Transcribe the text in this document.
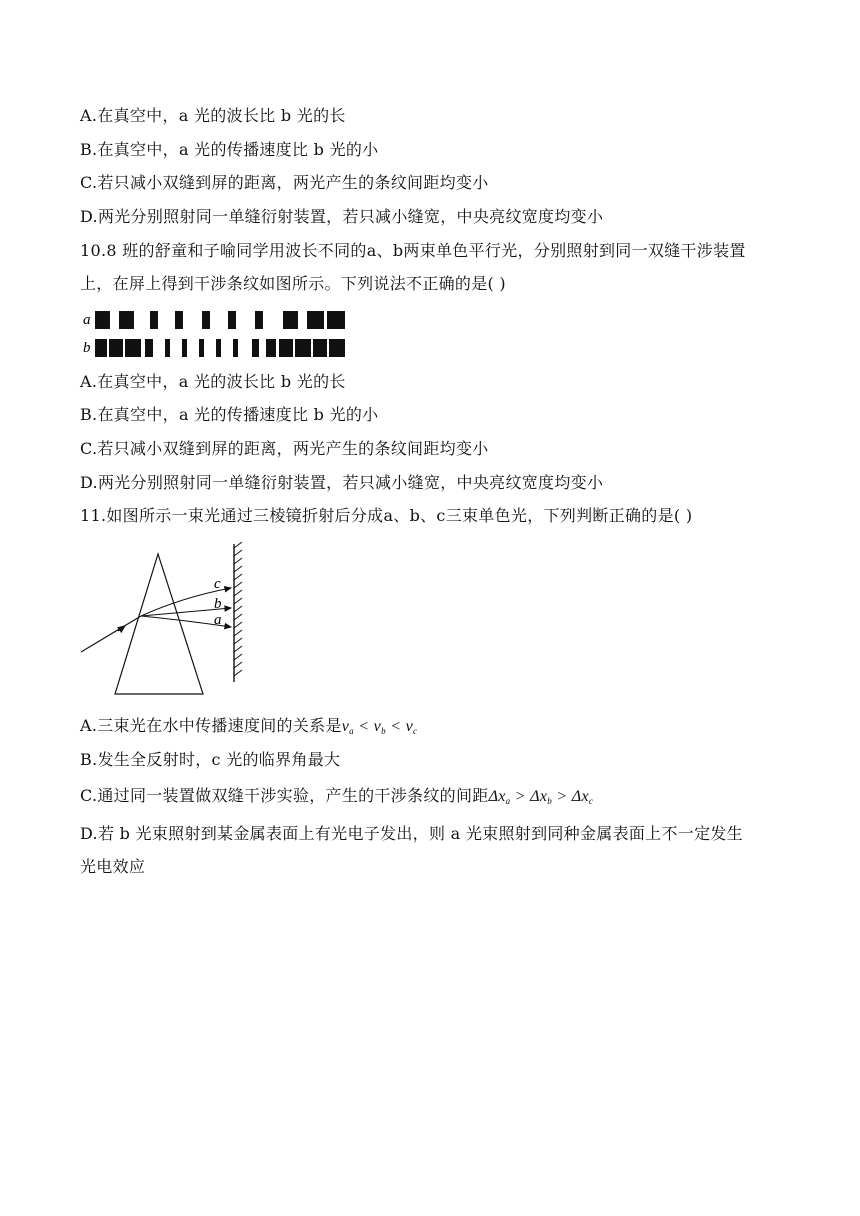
A.在真空中，a 光的波长比 b 光的长
B.在真空中，a 光的传播速度比 b 光的小
C.若只减小双缝到屏的距离，两光产生的条纹间距均变小
D.两光分别照射同一单缝衍射装置，若只减小缝宽，中央亮纹宽度均变小
10.8 班的舒童和子喻同学用波长不同的a、b两束单色平行光，分别照射到同一双缝干涉装置
上，在屏上得到干涉条纹如图所示。下列说法不正确的是( )
a
b
A.在真空中，a 光的波长比 b 光的长
B.在真空中，a 光的传播速度比 b 光的小
C.若只减小双缝到屏的距离，两光产生的条纹间距均变小
D.两光分别照射同一单缝衍射装置，若只减小缝宽，中央亮纹宽度均变小
11.如图所示一束光通过三棱镜折射后分成a、b、c三束单色光，下列判断正确的是( )
c
b
a
A.三束光在水中传播速度间的关系是$v_a < v_b < v_c$
B.发生全反射时，c 光的临界角最大
C.通过同一装置做双缝干涉实验，产生的干涉条纹的间距$\Delta x_a > \Delta x_b > \Delta x_c$
D.若 b 光束照射到某金属表面上有光电子发出，则 a 光束照射到同种金属表面上不一定发生
光电效应
